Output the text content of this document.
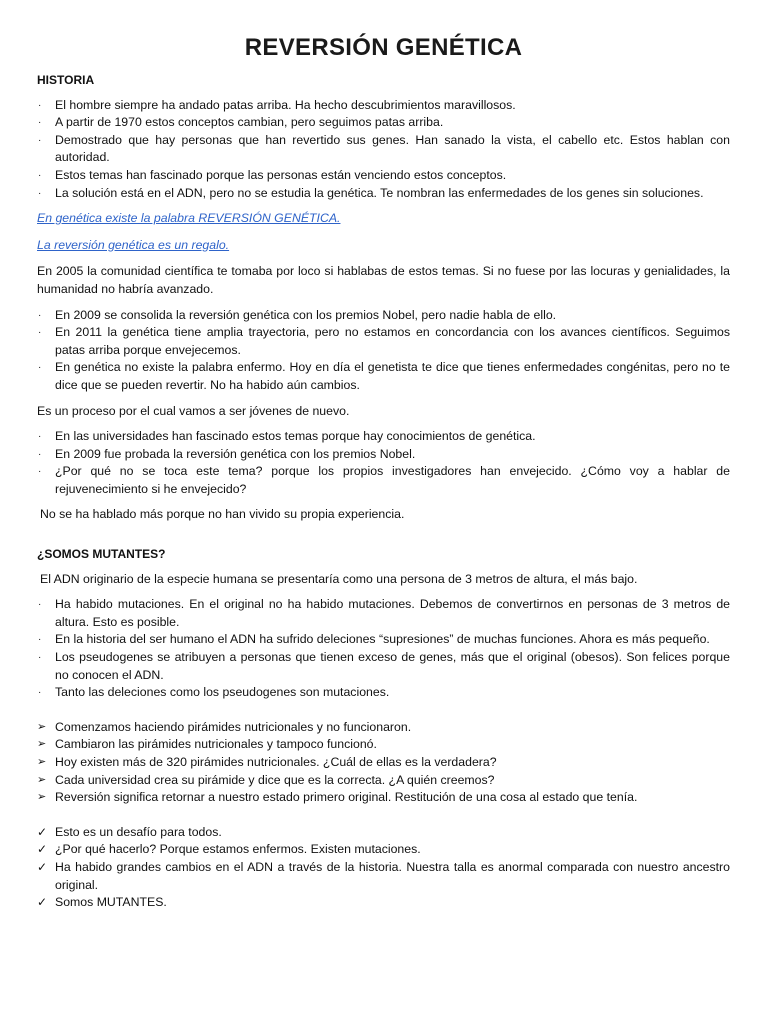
REVERSIÓN GENÉTICA
HISTORIA
·	El hombre siempre ha andado patas arriba. Ha hecho descubrimientos maravillosos.
·	A partir de 1970 estos conceptos cambian, pero seguimos patas arriba.
·	Demostrado que hay personas que han revertido sus genes. Han sanado la vista, el cabello etc. Estos hablan con autoridad.
·	Estos temas han fascinado porque las personas están venciendo estos conceptos.
·	La solución está en el ADN, pero no se estudia la genética. Te nombran las enfermedades de los genes sin soluciones.
En genética existe la palabra REVERSIÓN GENÉTICA.
La reversión genética es un regalo.
En 2005 la comunidad científica te tomaba por loco si hablabas de estos temas. Si no fuese por las locuras y genialidades, la humanidad no habría avanzado.
·	En 2009 se consolida la reversión genética con los premios Nobel, pero nadie habla de ello.
·	En 2011 la genética tiene amplia trayectoria, pero no estamos en concordancia con los avances científicos. Seguimos patas arriba porque envejecemos.
·	En genética no existe la palabra enfermo. Hoy en día el genetista te dice que tienes enfermedades congénitas, pero no te dice que se pueden revertir. No ha habido aún cambios.
Es un proceso por el cual vamos a ser jóvenes de nuevo.
·	En las universidades han fascinado estos temas porque hay conocimientos de genética.
·	En 2009 fue probada la reversión genética con los premios Nobel.
·	¿Por qué no se toca este tema? porque los propios investigadores han envejecido. ¿Cómo voy a hablar de rejuvenecimiento si he envejecido?
No se ha hablado más porque no han vivido su propia experiencia.
¿SOMOS MUTANTES?
El ADN originario de la especie humana se presentaría como una persona de 3 metros de altura, el más bajo.
·	Ha habido mutaciones. En el original no ha habido mutaciones. Debemos de convertirnos en personas de 3 metros de altura. Esto es posible.
·	En la historia del ser humano el ADN ha sufrido deleciones “supresiones” de muchas funciones. Ahora es más pequeño.
·	Los pseudogenes se atribuyen a personas que tienen exceso de genes, más que el original (obesos). Son felices porque no conocen el ADN.
·	Tanto las deleciones como los pseudogenes son mutaciones.
➢ Comenzamos haciendo pirámides nutricionales y no funcionaron.
➢ Cambiaron las pirámides nutricionales y tampoco funcionó.
➢ Hoy existen más de 320 pirámides nutricionales. ¿Cuál de ellas es la verdadera?
➢ Cada universidad crea su pirámide y dice que es la correcta. ¿A quién creemos?
➢ Reversión significa retornar a nuestro estado primero original. Restitución de una cosa al estado que tenía.
✓ Esto es un desafío para todos.
✓ ¿Por qué hacerlo? Porque estamos enfermos. Existen mutaciones.
✓ Ha habido grandes cambios en el ADN a través de la historia. Nuestra talla es anormal comparada con nuestro ancestro original.
✓ Somos MUTANTES.
